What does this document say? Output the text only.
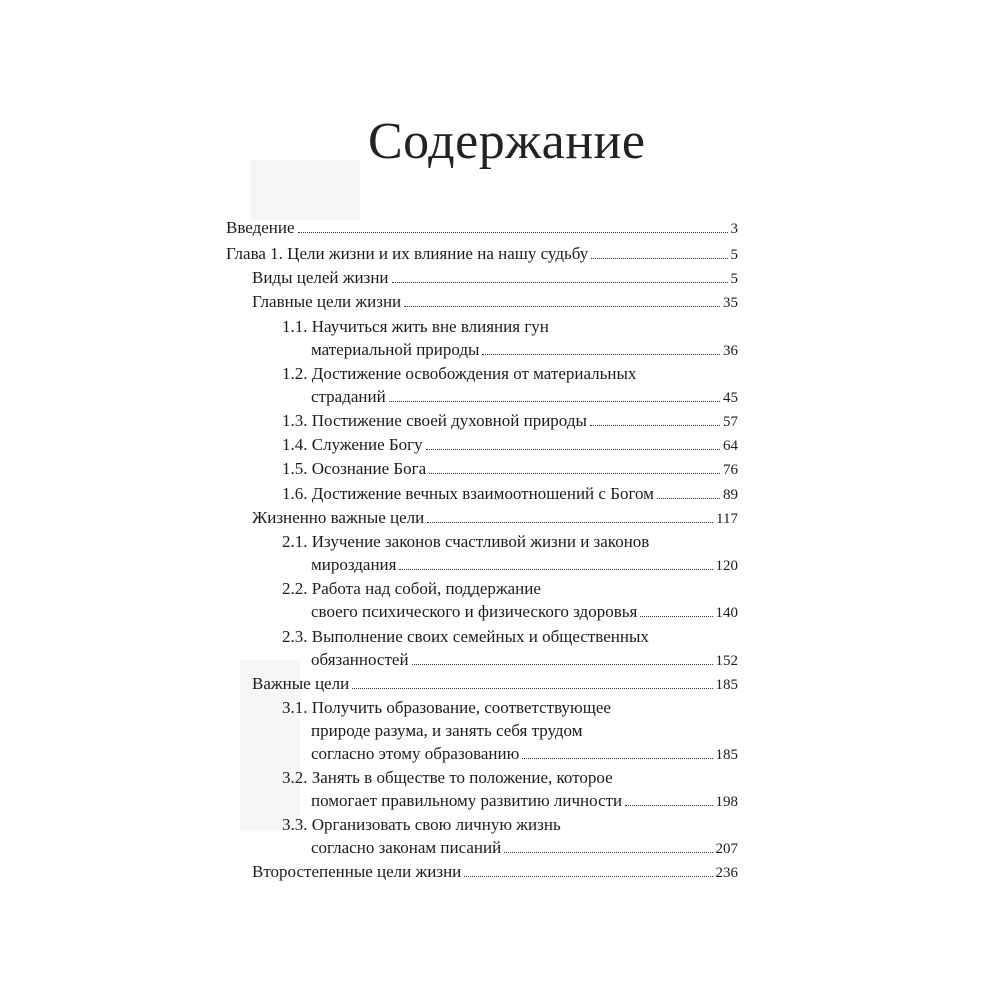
Содержание
Введение	3
Глава 1. Цели жизни и их влияние на нашу судьбу	5
Виды целей жизни	5
Главные цели жизни	35
1.1. Научиться жить вне влияния гун
материальной природы	36
1.2. Достижение освобождения от материальных
страданий	45
1.3. Постижение своей духовной природы	57
1.4. Служение Богу	64
1.5. Осознание Бога	76
1.6. Достижение вечных взаимоотношений с Богом	89
Жизненно важные цели	117
2.1. Изучение законов счастливой жизни и законов
мироздания	120
2.2. Работа над собой, поддержание
своего психического и физического здоровья	140
2.3. Выполнение своих семейных и общественных
обязанностей	152
Важные цели	185
3.1. Получить образование, соответствующее
природе разума, и занять себя трудом
согласно этому образованию	185
3.2. Занять в обществе то положение, которое
помогает правильному развитию личности	198
3.3. Организовать свою личную жизнь
согласно законам писаний	207
Второстепенные цели жизни	236
